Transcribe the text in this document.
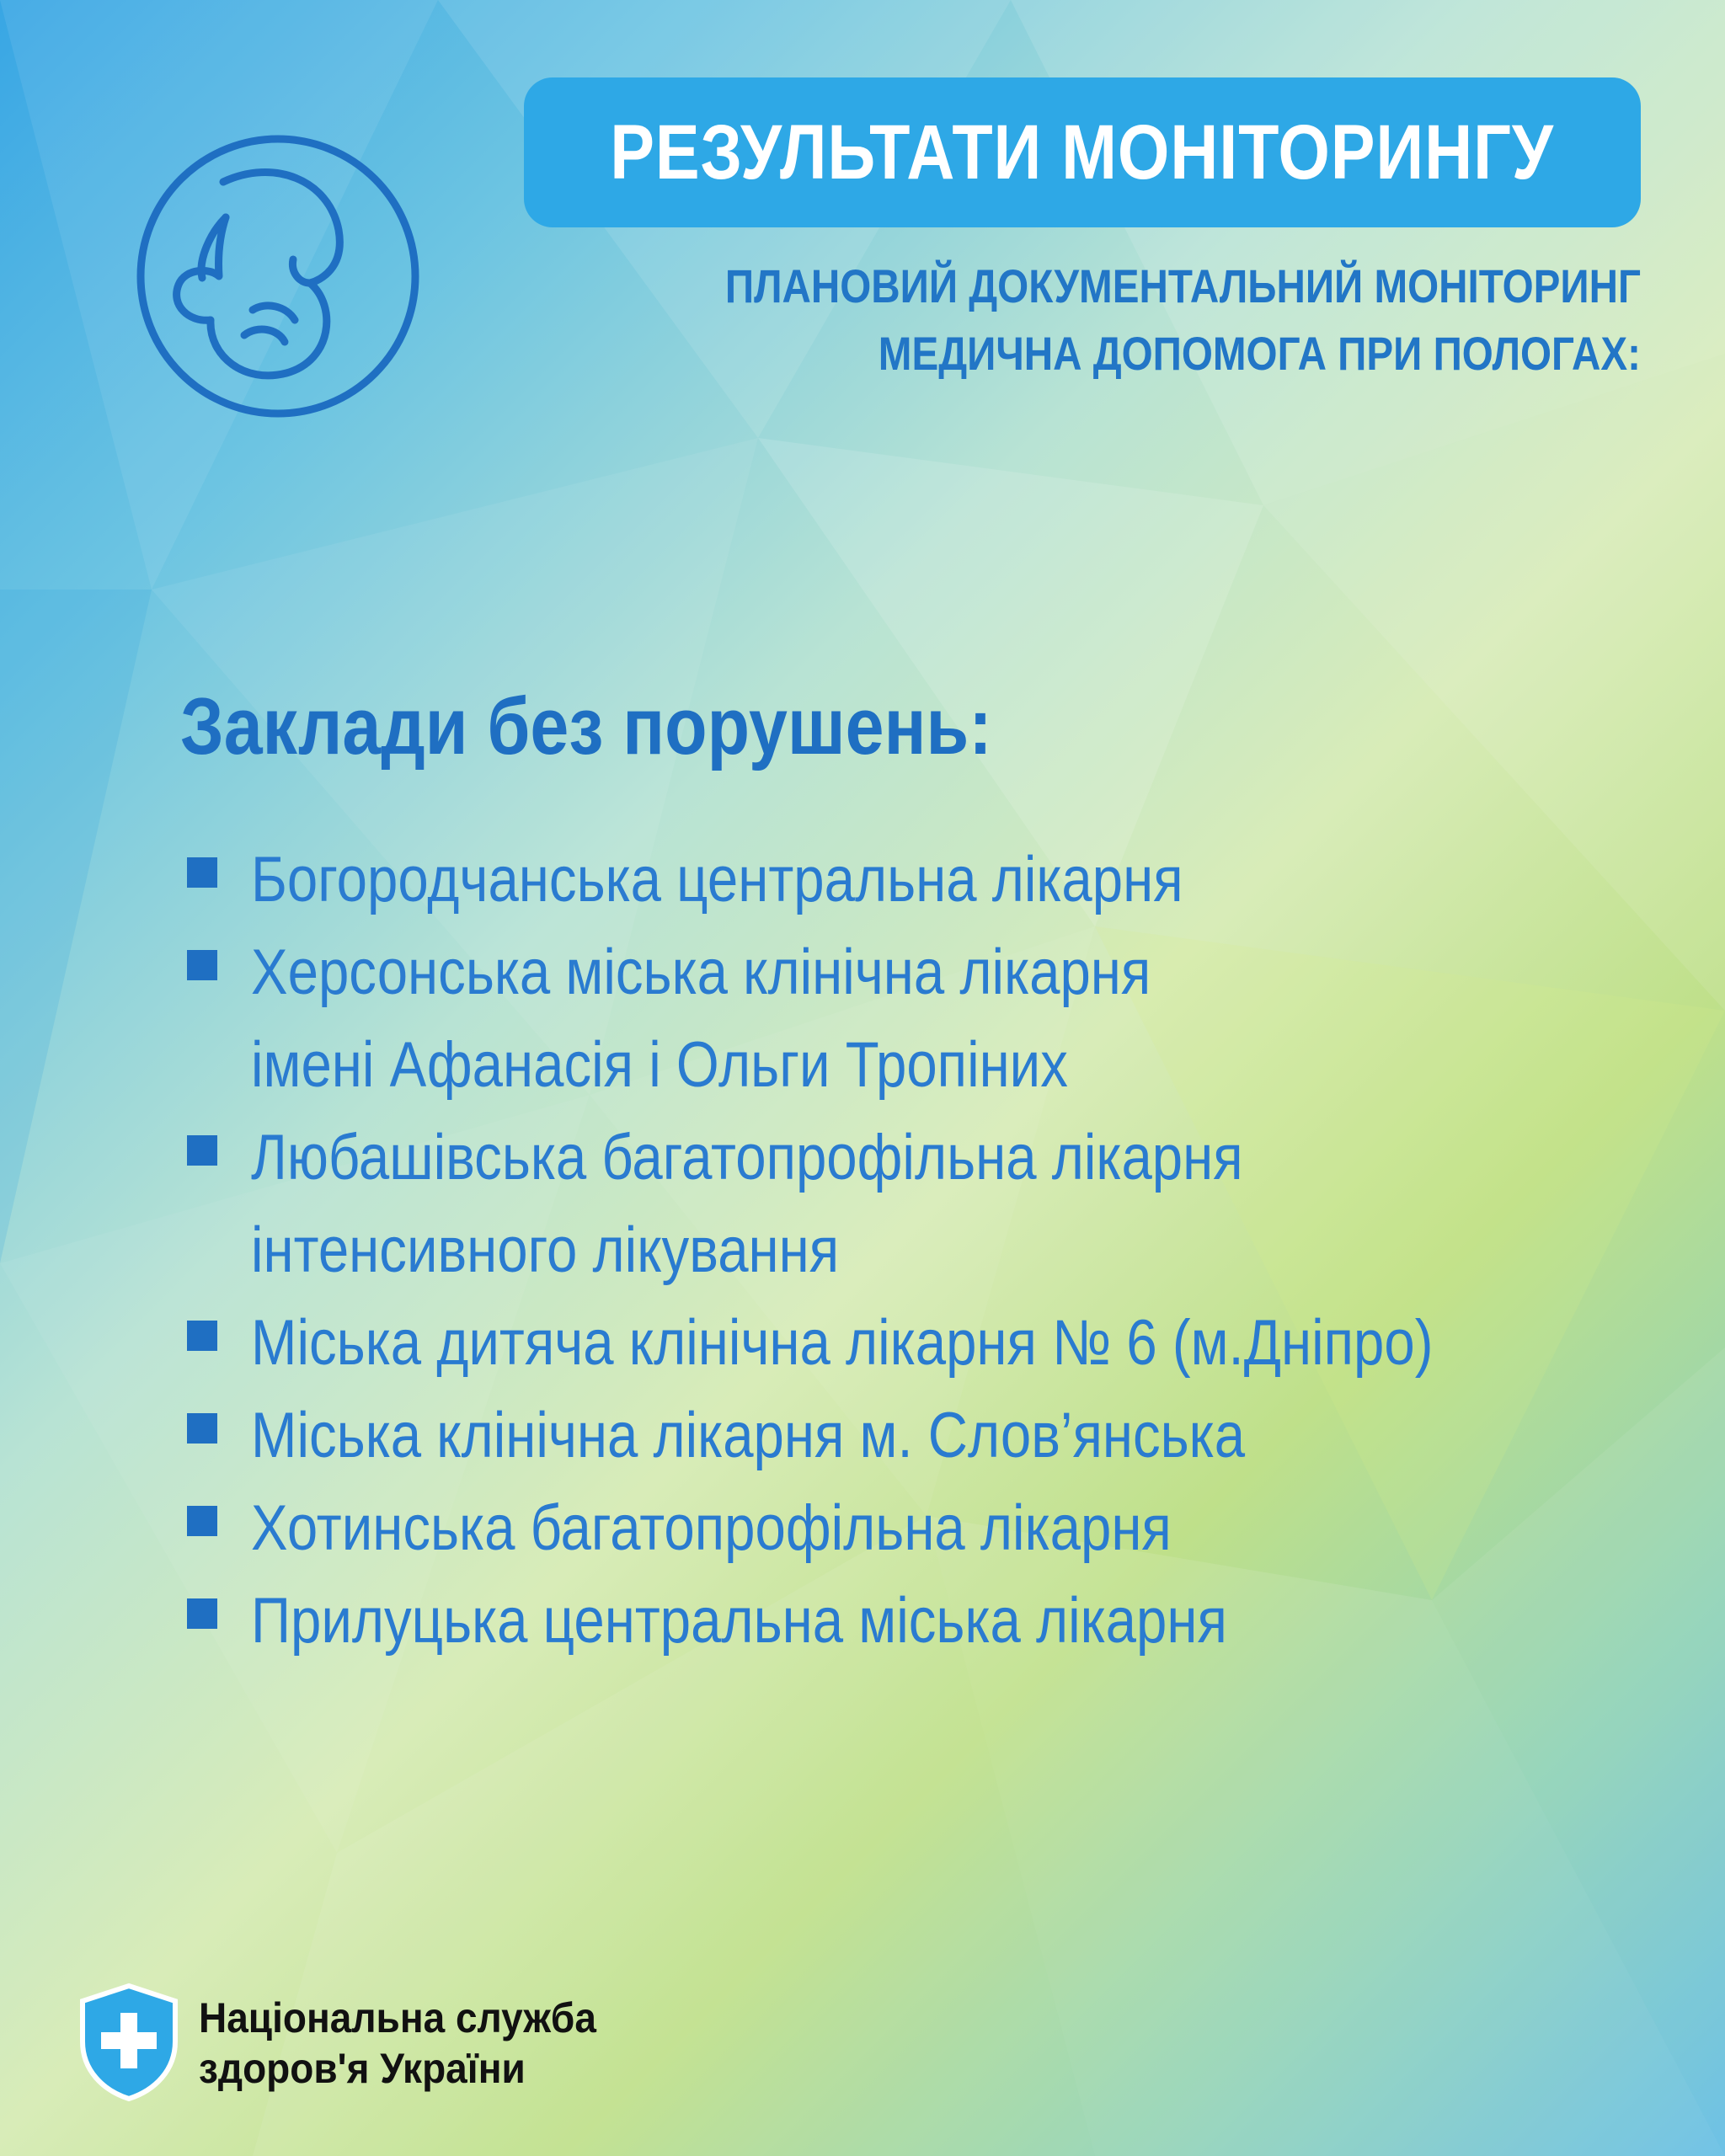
РЕЗУЛЬТАТИ МОНІТОРИНГУ
ПЛАНОВИЙ ДОКУМЕНТАЛЬНИЙ МОНІТОРИНГ
МЕДИЧНА ДОПОМОГА ПРИ ПОЛОГАХ:
Заклади без порушень:
Богородчанська центральна лікарня
Херсонська міська клінічна лікарня
імені Афанасія і Ольги Тропіних
Любашівська багатопрофільна лікарня
інтенсивного лікування
Міська дитяча клінічна лікарня № 6 (м.Дніпро)
Міська клінічна лікарня м. Слов’янська
Хотинська багатопрофільна лікарня
Прилуцька центральна міська лікарня
Національна служба
здоров'я України
